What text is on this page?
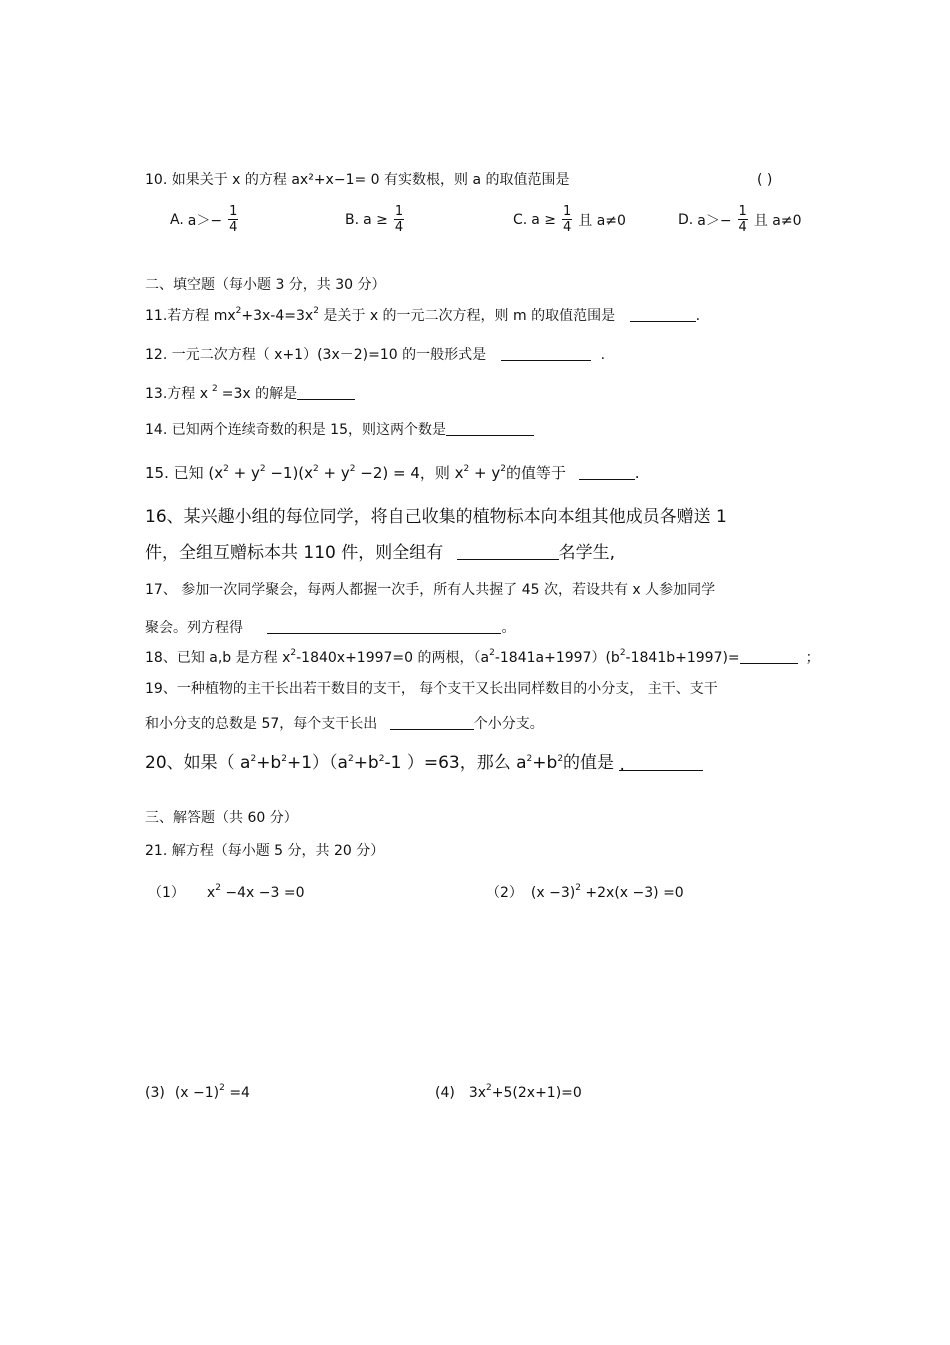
10. 如果关于 x 的方程 ax²+x−1= 0 有实数根，则 a 的取值范围是	( )
A. $a>- \frac{1}{4}$	B. $a \ge \frac{1}{4}$	C. $a \ge \frac{1}{4}$ 且 a≠0	D. $a>- \frac{1}{4}$ 且 a≠0
二、填空题（每小题 3 分，共 30 分）
11.若方程 $mx^2+3x-4=3x^2$ 是关于 x 的一元二次方程，则 m 的取值范围是	.
12. 一元二次方程（ x+1）(3x－2)=10 的一般形式是	.
13.方程 x $^2$ =3x 的解是
14. 已知两个连续奇数的积是 15，则这两个数是
15. 已知 $(x^2 + y^2 -1)(x^2 + y^2 -2) = 4$，则 $x^2 + y^2$的值等于	.
16、某兴趣小组的每位同学，将自己收集的植物标本向本组其他成员各赠送 1
件，全组互赠标本共 110 件，则全组有	名学生,
17、 参加一次同学聚会，每两人都握一次手，所有人共握了 45 次，若设共有 x 人参加同学
聚会。列方程得	。
18、已知 a,b 是方程 $x^2-1840x+1997=0$ 的两根，$(a^2-1841a+1997)(b^2-1841b+1997)=$	；
19、一种植物的主干长出若干数目的支干， 每个支干又长出同样数目的小分支， 主干、支干
和小分支的总数是 57，每个支干长出	个小分支。
20、如果（ $a^2+b^2+1)(a^2+b^2-1$ ）=63，那么 $a^2+b^2$的值是 .
三、解答题（共 60 分）
21. 解方程（每小题 5 分，共 20 分）
（1） $x^2 -4x -3 =0$	（2） $(x -3)^2 +2x(x -3) =0$
(3) $(x -1)^2 =4$	(4) $3x^2+5(2x+1)=0$
